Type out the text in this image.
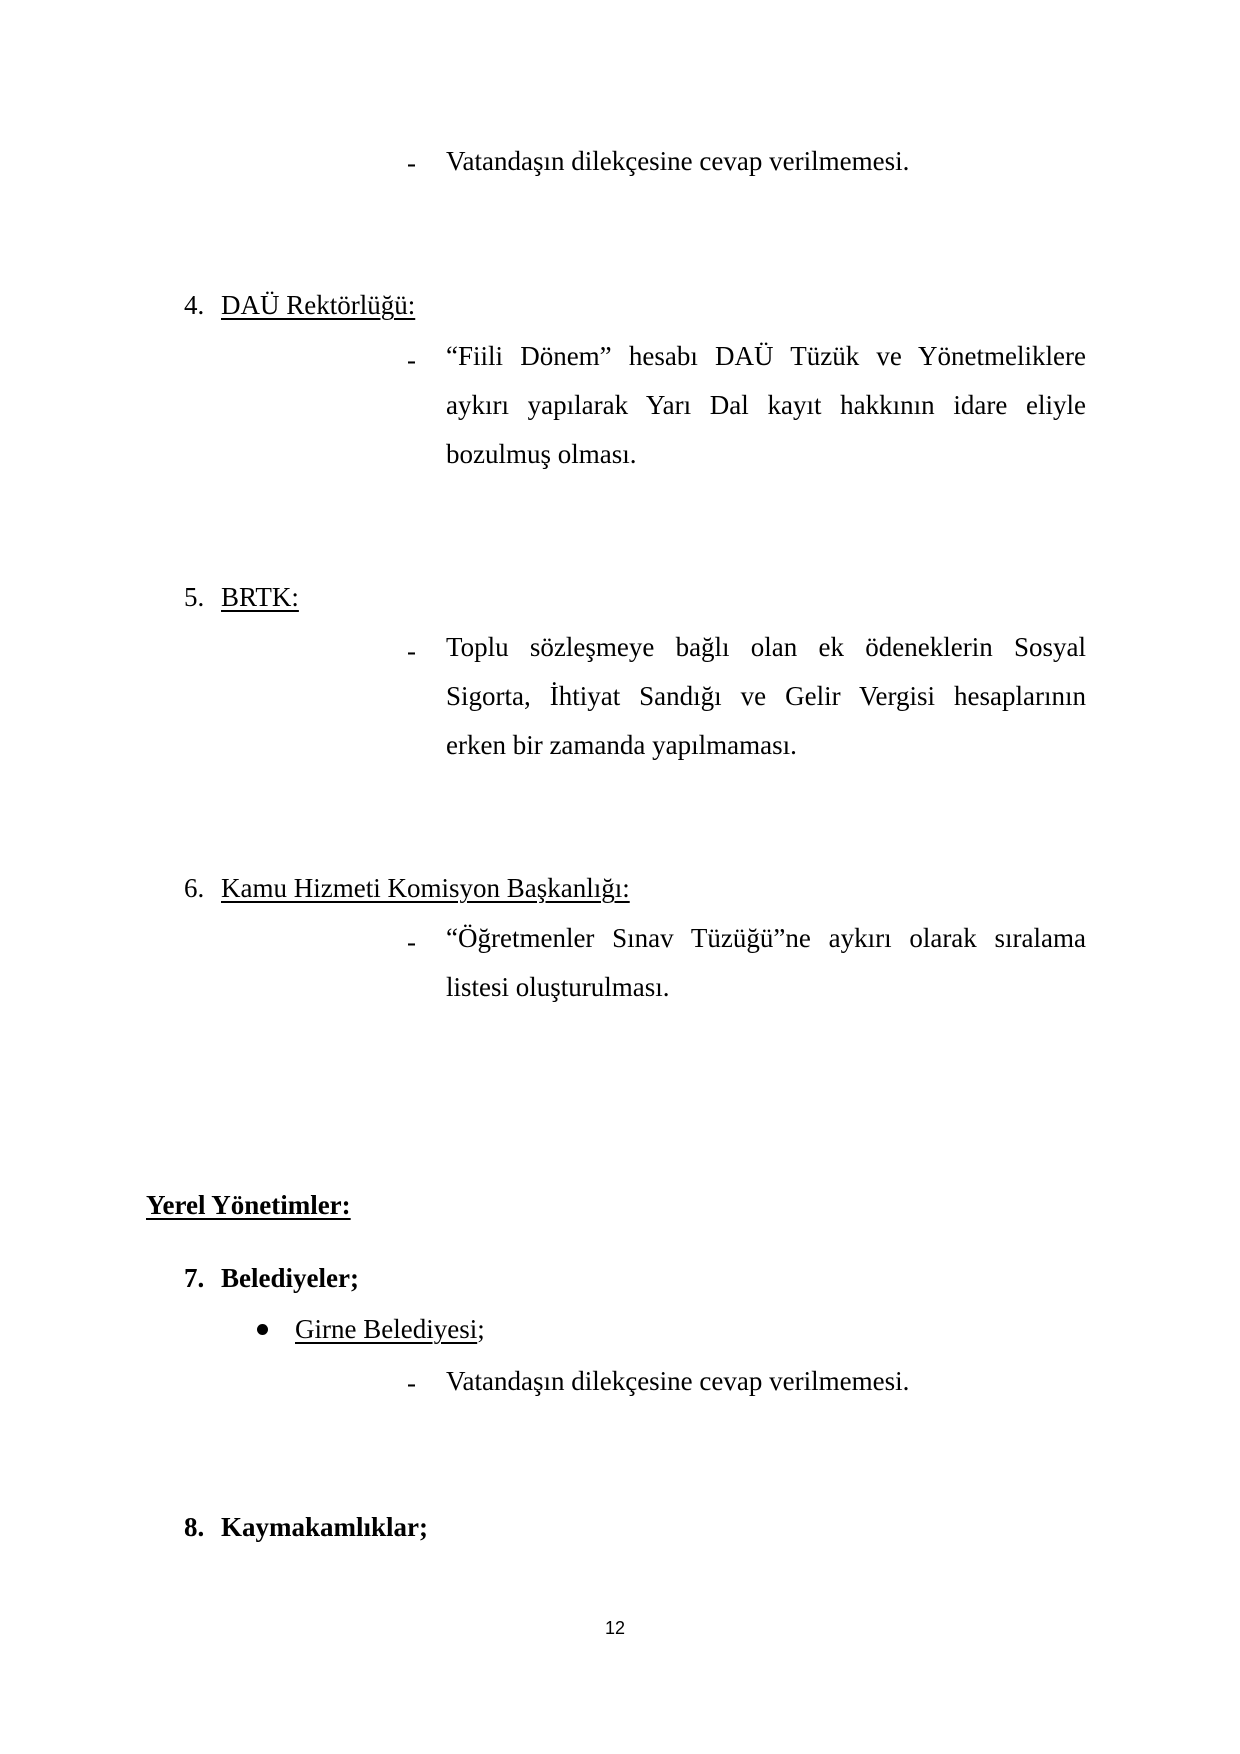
- Vatandaşın dilekçesine cevap verilmemesi.
4. DAÜ Rektörlüğü:
- “Fiili Dönem” hesabı DAÜ Tüzük ve Yönetmeliklere
aykırı yapılarak Yarı Dal kayıt hakkının idare eliyle
bozulmuş olması.
5. BRTK:
- Toplu sözleşmeye bağlı olan ek ödeneklerin Sosyal
Sigorta, İhtiyat Sandığı ve Gelir Vergisi hesaplarının
erken bir zamanda yapılmaması.
6. Kamu Hizmeti Komisyon Başkanlığı:
- “Öğretmenler Sınav Tüzüğü”ne aykırı olarak sıralama
listesi oluşturulması.
Yerel Yönetimler:
7. Belediyeler;
Girne Belediyesi;
- Vatandaşın dilekçesine cevap verilmemesi.
8. Kaymakamlıklar;
12
